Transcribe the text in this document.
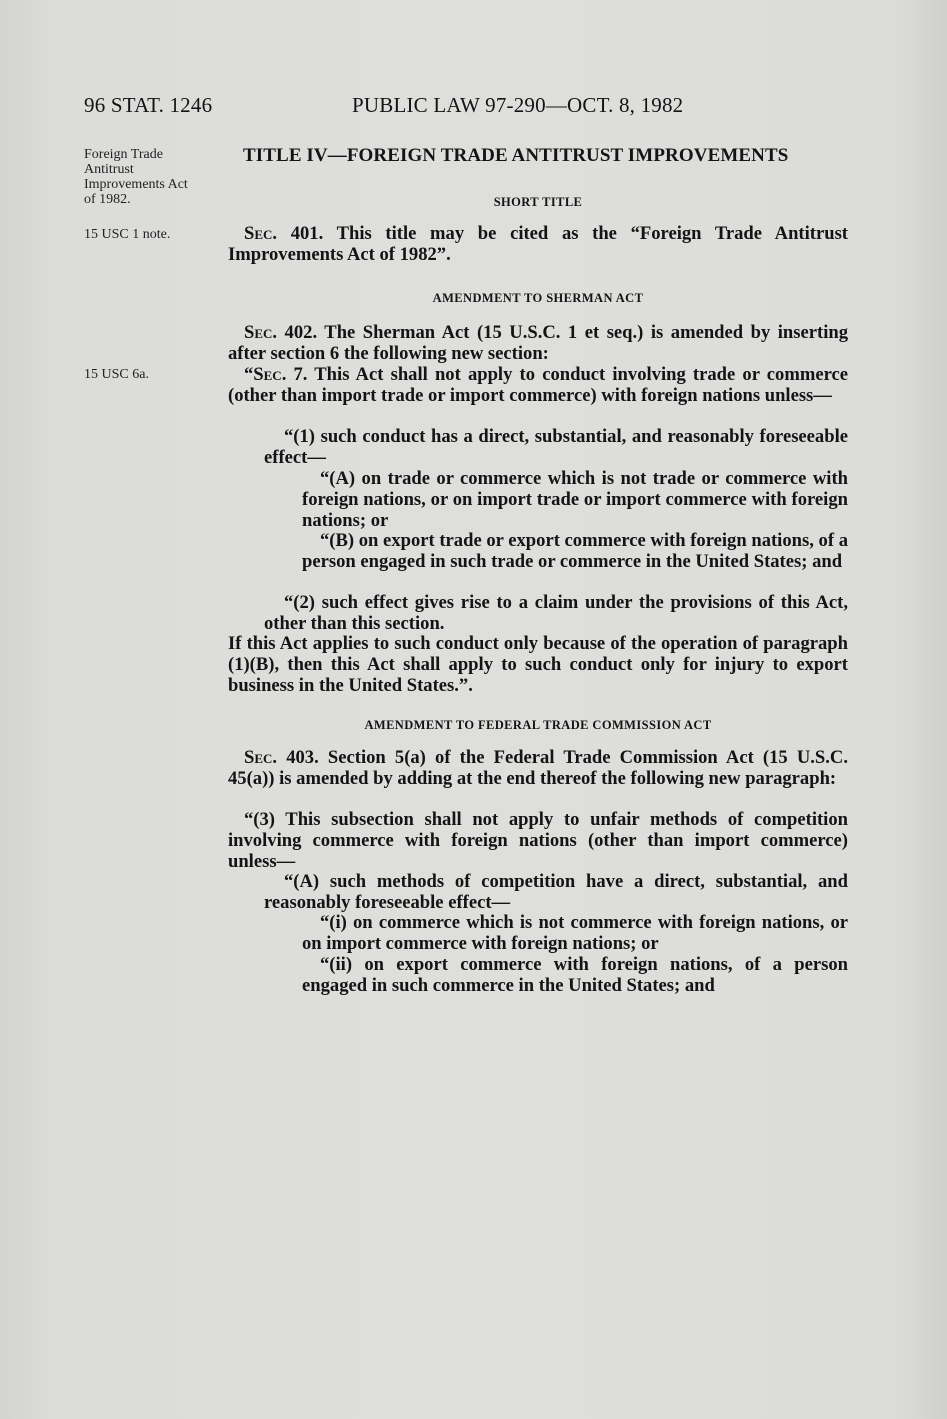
96 STAT. 1246	PUBLIC LAW 97-290—OCT. 8, 1982
Foreign Trade Antitrust Improvements Act of 1982.
15 USC 1 note.
15 USC 6a.
TITLE IV—FOREIGN TRADE ANTITRUST IMPROVEMENTS
SHORT TITLE
Sec. 401. This title may be cited as the “Foreign Trade Antitrust Improvements Act of 1982”.
AMENDMENT TO SHERMAN ACT
Sec. 402. The Sherman Act (15 U.S.C. 1 et seq.) is amended by inserting after section 6 the following new section:
“Sec. 7. This Act shall not apply to conduct involving trade or commerce (other than import trade or import commerce) with foreign nations unless—
“(1) such conduct has a direct, substantial, and reasonably foreseeable effect—
“(A) on trade or commerce which is not trade or commerce with foreign nations, or on import trade or import commerce with foreign nations; or
“(B) on export trade or export commerce with foreign nations, of a person engaged in such trade or commerce in the United States; and
“(2) such effect gives rise to a claim under the provisions of this Act, other than this section.
If this Act applies to such conduct only because of the operation of paragraph (1)(B), then this Act shall apply to such conduct only for injury to export business in the United States.”.
AMENDMENT TO FEDERAL TRADE COMMISSION ACT
Sec. 403. Section 5(a) of the Federal Trade Commission Act (15 U.S.C. 45(a)) is amended by adding at the end thereof the following new paragraph:
“(3) This subsection shall not apply to unfair methods of competition involving commerce with foreign nations (other than import commerce) unless—
“(A) such methods of competition have a direct, substantial, and reasonably foreseeable effect—
“(i) on commerce which is not commerce with foreign nations, or on import commerce with foreign nations; or
“(ii) on export commerce with foreign nations, of a person engaged in such commerce in the United States; and
